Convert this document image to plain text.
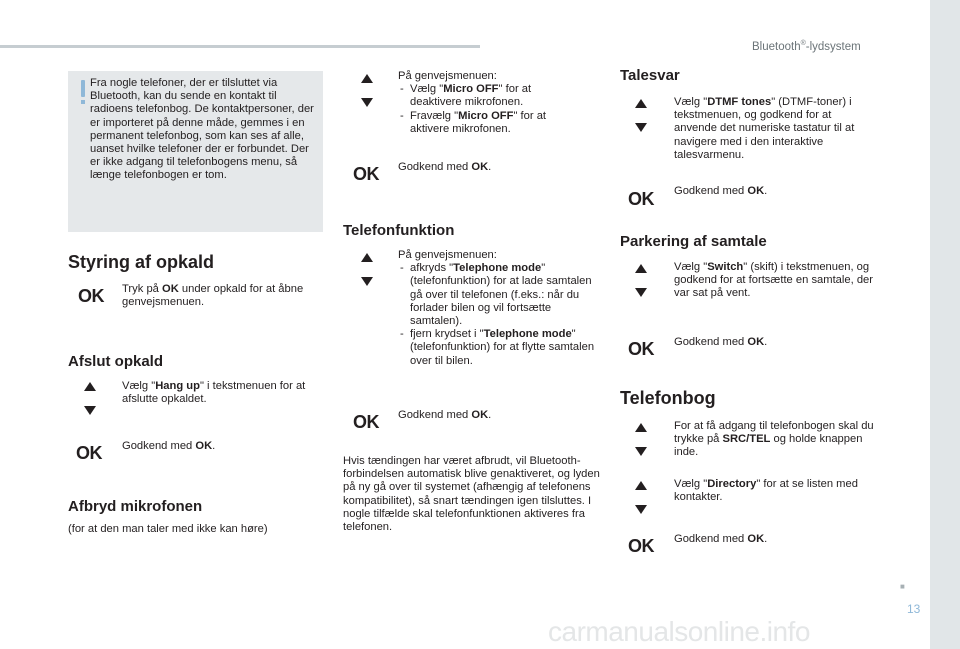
Bluetooth®-lydsystem
Fra nogle telefoner, der er tilsluttet via Bluetooth, kan du sende en kontakt til radioens telefonbog. De kontaktpersoner, der er importeret på denne måde, gemmes i en permanent telefonbog, som kan ses af alle, uanset hvilke telefoner der er forbundet. Der er ikke adgang til telefonbogens menu, så længe telefonbogen er tom.
Styring af opkald
OK Tryk på OK under opkald for at åbne genvejsmenuen.
Afslut opkald
Vælg "Hang up" i tekstmenuen for at afslutte opkaldet.
OK Godkend med OK.
Afbryd mikrofonen
(for at den man taler med ikke kan høre)
På genvejsmenuen:
- Vælg "Micro OFF" for at deaktivere mikrofonen.
- Fravælg "Micro OFF" for at aktivere mikrofonen.
OK Godkend med OK.
Telefonfunktion
På genvejsmenuen:
- afkryds "Telephone mode" (telefonfunktion) for at lade samtalen gå over til telefonen (f.eks.: når du forlader bilen og vil fortsætte samtalen).
- fjern krydset i "Telephone mode" (telefonfunktion) for at flytte samtalen over til bilen.
OK Godkend med OK.
Hvis tændingen har været afbrudt, vil Bluetooth-forbindelsen automatisk blive genaktiveret, og lyden på ny gå over til systemet (afhængig af telefonens kompatibilitet), så snart tændingen igen tilsluttes. I nogle tilfælde skal telefonfunktionen aktiveres fra telefonen.
Talesvar
Vælg "DTMF tones" (DTMF-toner) i tekstmenuen, og godkend for at anvende det numeriske tastatur til at navigere med i den interaktive talesvarmenu.
OK Godkend med OK.
Parkering af samtale
Vælg "Switch" (skift) i tekstmenuen, og godkend for at fortsætte en samtale, der var sat på vent.
OK Godkend med OK.
Telefonbog
For at få adgang til telefonbogen skal du trykke på SRC/TEL og holde knappen inde.
Vælg "Directory" for at se listen med kontakter.
OK Godkend med OK.
■
13
carmanualsonline.info
